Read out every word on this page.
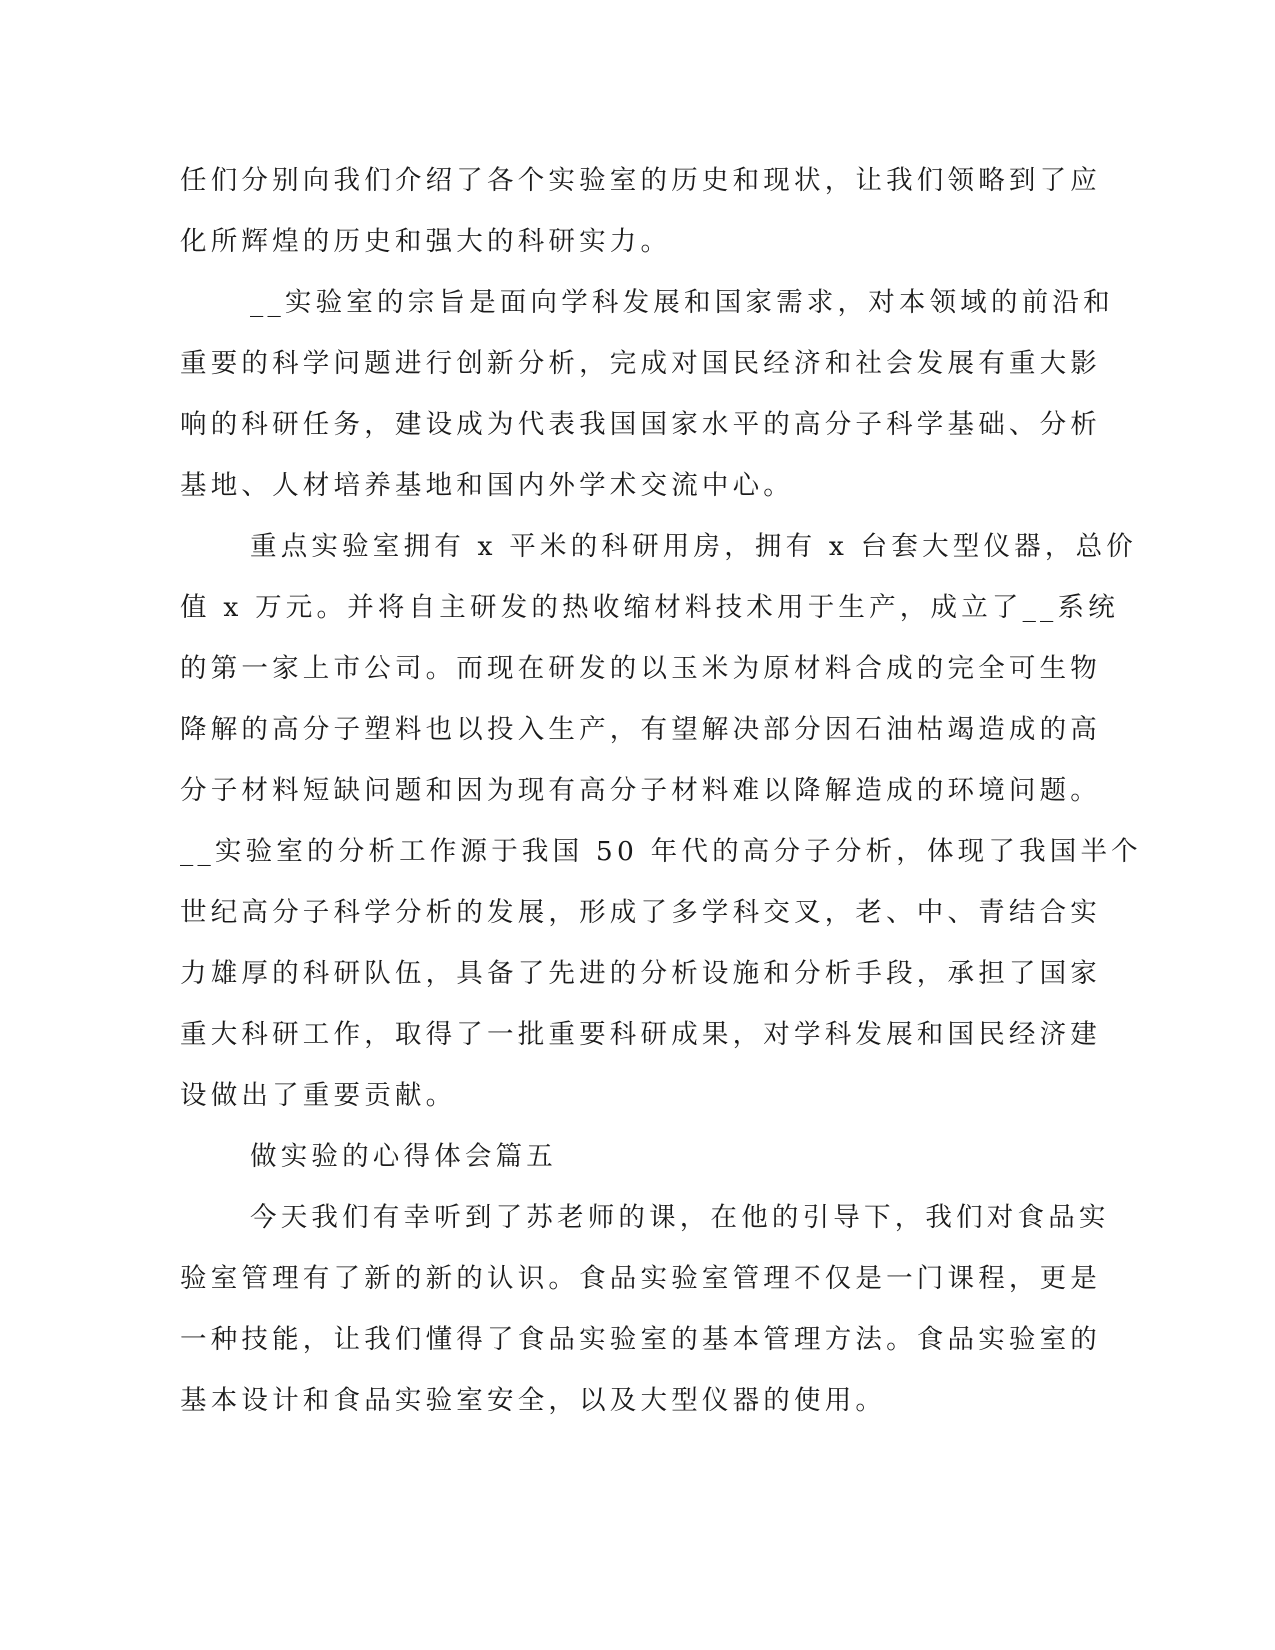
任们分别向我们介绍了各个实验室的历史和现状，让我们领略到了应
化所辉煌的历史和强大的科研实力。
__实验室的宗旨是面向学科发展和国家需求，对本领域的前沿和
重要的科学问题进行创新分析，完成对国民经济和社会发展有重大影
响的科研任务，建设成为代表我国国家水平的高分子科学基础、分析
基地、人材培养基地和国内外学术交流中心。
重点实验室拥有 x 平米的科研用房，拥有 x 台套大型仪器，总价
值 x 万元。并将自主研发的热收缩材料技术用于生产，成立了__系统
的第一家上市公司。而现在研发的以玉米为原材料合成的完全可生物
降解的高分子塑料也以投入生产，有望解决部分因石油枯竭造成的高
分子材料短缺问题和因为现有高分子材料难以降解造成的环境问题。
__实验室的分析工作源于我国 50 年代的高分子分析，体现了我国半个
世纪高分子科学分析的发展，形成了多学科交叉，老、中、青结合实
力雄厚的科研队伍，具备了先进的分析设施和分析手段，承担了国家
重大科研工作，取得了一批重要科研成果，对学科发展和国民经济建
设做出了重要贡献。
做实验的心得体会篇五
今天我们有幸听到了苏老师的课，在他的引导下，我们对食品实
验室管理有了新的新的认识。食品实验室管理不仅是一门课程，更是
一种技能，让我们懂得了食品实验室的基本管理方法。食品实验室的
基本设计和食品实验室安全，以及大型仪器的使用。
